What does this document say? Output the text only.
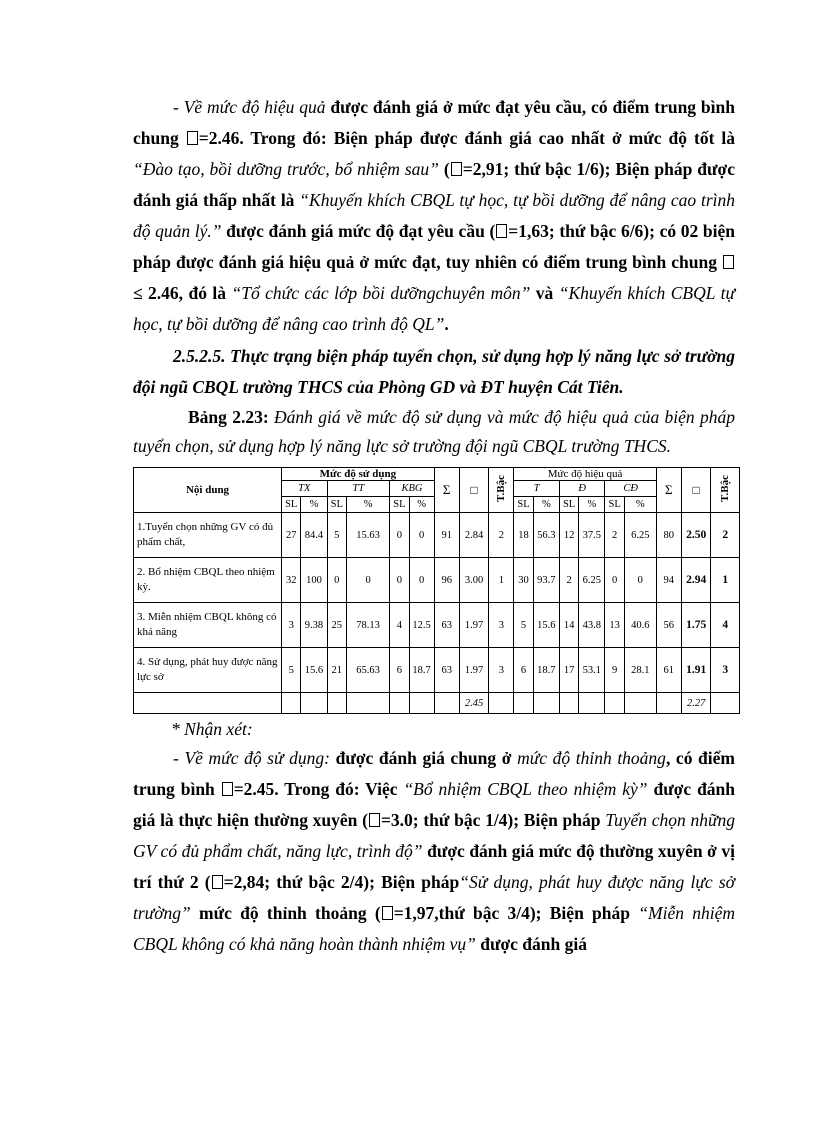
- Về mức độ hiệu quả được đánh giá ở mức đạt yêu cầu, có điểm trung bình chung =2.46. Trong đó: Biện pháp được đánh giá cao nhất ở mức độ tốt là “Đào tạo, bồi dưỡng trước, bổ nhiệm sau” ( =2,91; thứ bậc 1/6); Biện pháp được đánh giá thấp nhất là “Khuyến khích CBQL tự học, tự bồi dưỡng để nâng cao trình độ quản lý.” được đánh giá mức độ đạt yêu cầu ( =1,63; thứ bậc 6/6); có 02 biện pháp được đánh giá hiệu quả ở mức đạt, tuy nhiên có điểm trung bình chung  ≤ 2.46, đó là “Tổ chức các lớp bồi dưỡngchuyên môn” và “Khuyến khích CBQL tự học, tự bồi dưỡng để nâng cao trình độ QL”.

2.5.2.5. Thực trạng biện pháp tuyển chọn, sử dụng hợp lý năng lực sở trường đội ngũ CBQL trường THCS của Phòng GD và ĐT huyện Cát Tiên.

Bảng 2.23: Đánh giá về mức độ sử dụng và mức độ hiệu quả của biện pháp tuyển chọn, sử dụng hợp lý năng lực sở trường đội ngũ CBQL trường THCS.

Nội dung	Mức độ sử dụng						Σ	□	T.Bậc	Mức độ hiệu quả						Σ	□	T.Bậc
	TX		TT		KBG					T		Đ		CĐ				
	SL	%	SL	%	SL	%				SL	%	SL	%	SL	%			
1.Tuyển chọn những GV có đủ phẩm chất,	27	84.4	5	15.63	0	0	91	2.84	2	18	56.3	12	37.5	2	6.25	80	2.50	2
2. Bổ nhiệm CBQL theo nhiệm kỳ.	32	100	0	0	0	0	96	3.00	1	30	93.7	2	6.25	0	0	94	2.94	1
3. Miễn nhiệm CBQL không có khả năng	3	9.38	25	78.13	4	12.5	63	1.97	3	5	15.6	14	43.8	13	40.6	56	1.75	4
4. Sử dụng, phát huy được năng lực sở	5	15.6	21	65.63	6	18.7	63	1.97	3	6	18.7	17	53.1	9	28.1	61	1.91	3
								2.45									2.27	

* Nhận xét:

- Về mức độ sử dụng: được đánh giá chung ở mức độ thỉnh thoảng, có điểm trung bình =2.45. Trong đó: Việc “Bổ nhiệm CBQL theo nhiệm kỳ” được đánh giá là thực hiện thường xuyên ( =3.0; thứ bậc 1/4); Biện pháp Tuyển chọn những GV có đủ phẩm chất, năng lực, trình độ” được đánh giá mức độ thường xuyên ở vị trí thứ 2 ( =2,84; thứ bậc 2/4); Biện pháp“Sử dụng, phát huy được năng lực sở trường” mức độ thỉnh thoảng ( =1,97,thứ bậc 3/4); Biện pháp “Miễn nhiệm CBQL không có khả năng hoàn thành nhiệm vụ” được đánh giá
